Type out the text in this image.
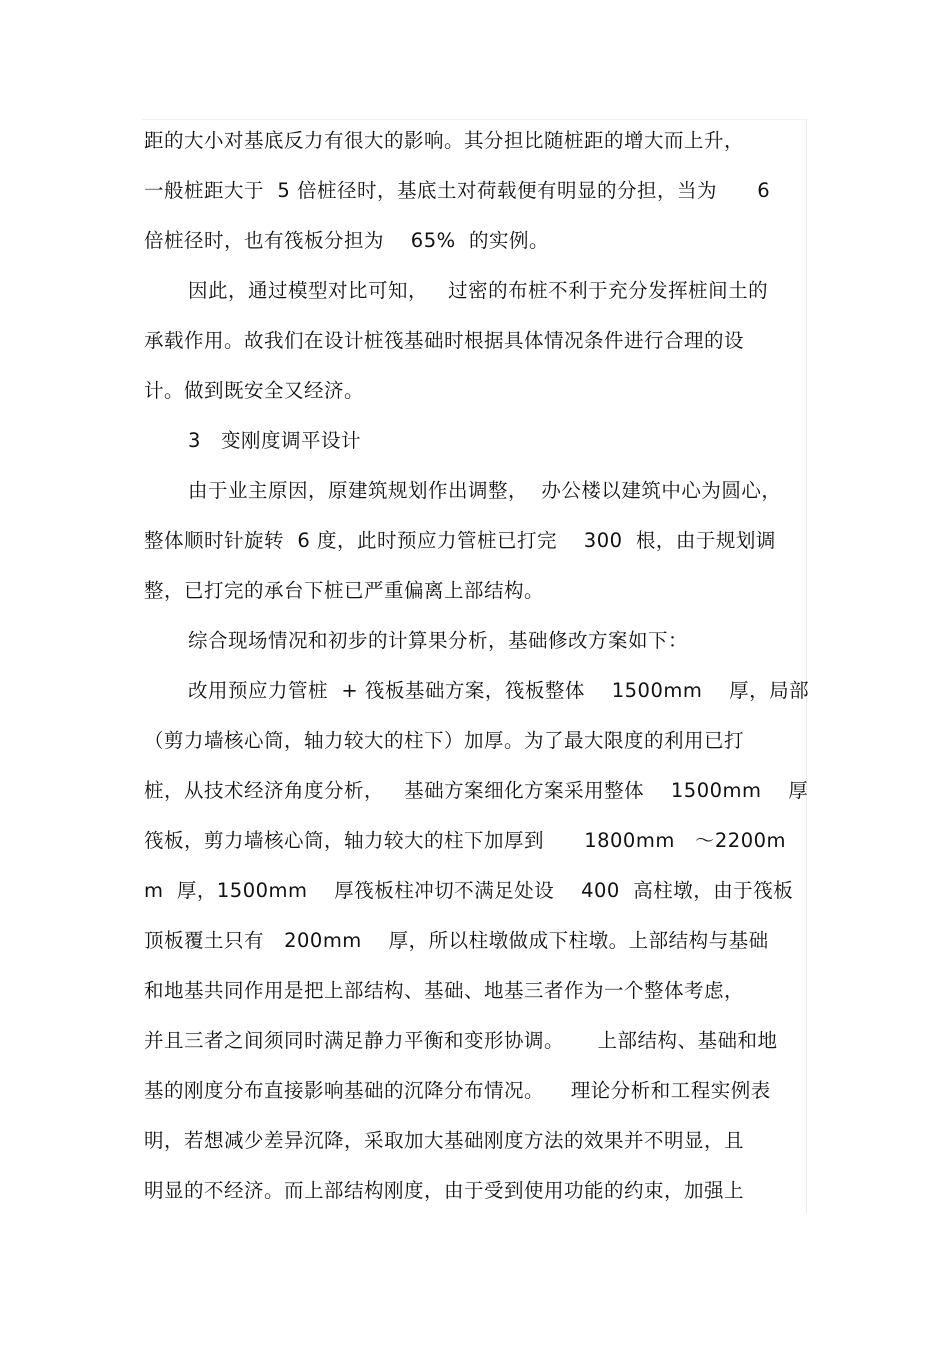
距的大小对基底反力有很大的影响。其分担比随桩距的增大而上升，
一般桩距大于  5 倍桩径时，基底土对荷载便有明显的分担，当为      6
倍桩径时，也有筏板分担为    65%  的实例。
因此，通过模型对比可知，   过密的布桩不利于充分发挥桩间土的
承载作用。故我们在设计桩筏基础时根据具体情况条件进行合理的设
计。做到既安全又经济。
3   变刚度调平设计
由于业主原因，原建筑规划作出调整，  办公楼以建筑中心为圆心，
整体顺时针旋转  6 度，此时预应力管桩已打完    300  根，由于规划调
整，已打完的承台下桩已严重偏离上部结构。
综合现场情况和初步的计算果分析，基础修改方案如下：
改用预应力管桩  + 筏板基础方案，筏板整体    1500mm    厚，局部
（剪力墙核心筒，轴力较大的柱下）加厚。为了最大限度的利用已打
桩，从技术经济角度分析，   基础方案细化方案采用整体    1500mm    厚
筏板，剪力墙核心筒，轴力较大的柱下加厚到      1800mm   ～2200m
m  厚，1500mm    厚筏板柱冲切不满足处设    400  高柱墩，由于筏板
顶板覆土只有   200mm    厚，所以柱墩做成下柱墩。上部结构与基础
和地基共同作用是把上部结构、基础、地基三者作为一个整体考虑，
并且三者之间须同时满足静力平衡和变形协调。     上部结构、基础和地
基的刚度分布直接影响基础的沉降分布情况。    理论分析和工程实例表
明，若想减少差异沉降，采取加大基础刚度方法的效果并不明显，且
明显的不经济。而上部结构刚度，由于受到使用功能的约束，加强上
